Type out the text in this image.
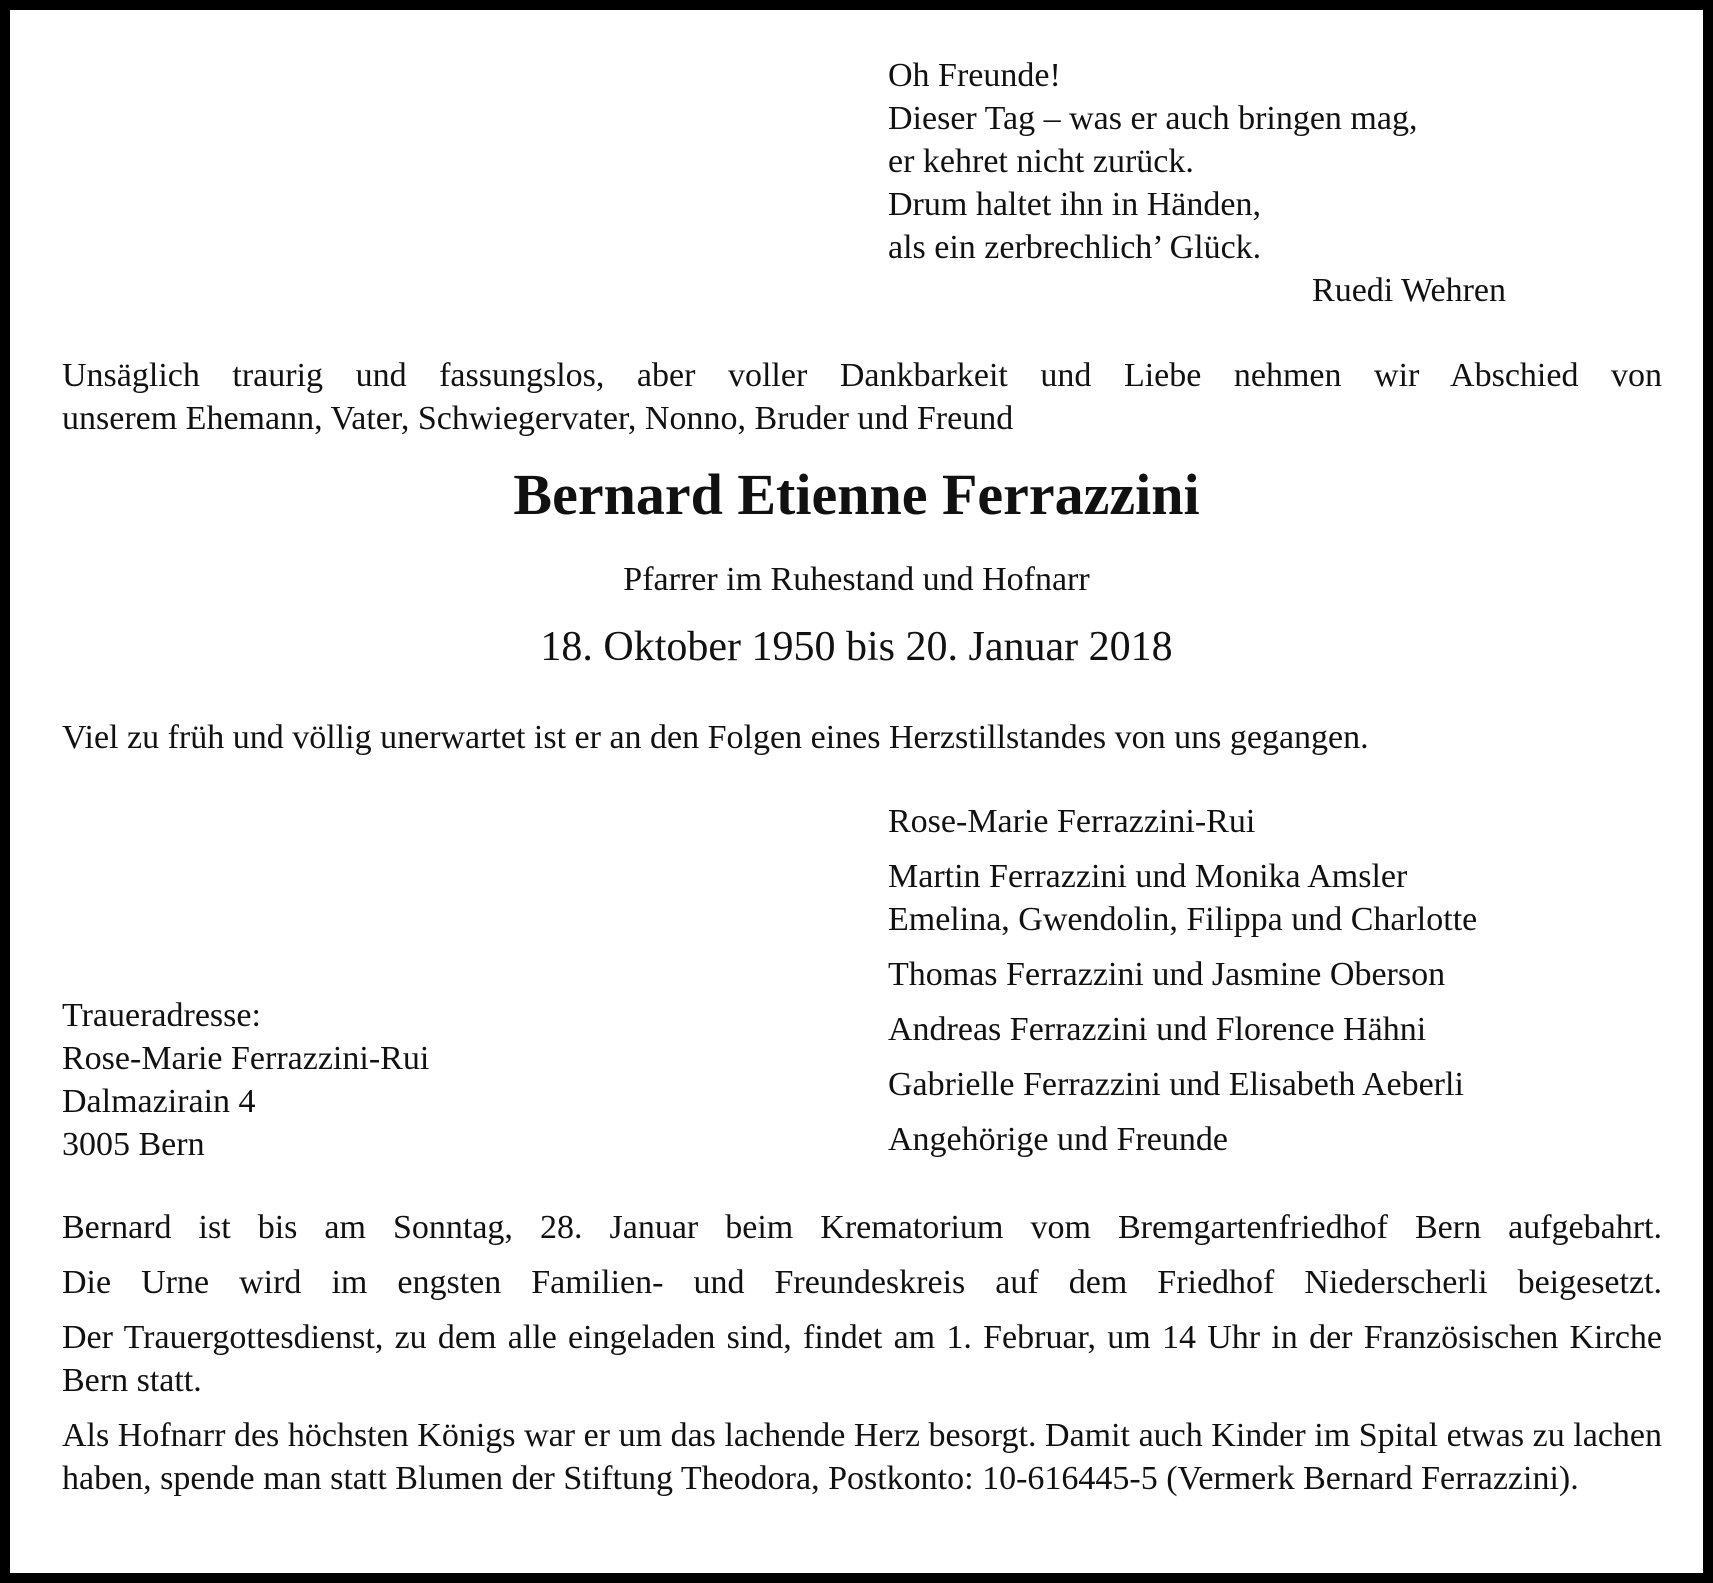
Oh Freunde!
Dieser Tag – was er auch bringen mag,
er kehret nicht zurück.
Drum haltet ihn in Händen,
als ein zerbrechlich’ Glück.
Ruedi Wehren
Unsäglich traurig und fassungslos, aber voller Dankbarkeit und Liebe nehmen wir Abschied von
unserem Ehemann, Vater, Schwiegervater, Nonno, Bruder und Freund
Bernard Etienne Ferrazzini
Pfarrer im Ruhestand und Hofnarr
18. Oktober 1950 bis 20. Januar 2018
Viel zu früh und völlig unerwartet ist er an den Folgen eines Herzstillstandes von uns gegangen.
Rose-Marie Ferrazzini-Rui
Martin Ferrazzini und Monika Amsler
Emelina, Gwendolin, Filippa und Charlotte
Thomas Ferrazzini und Jasmine Oberson
Andreas Ferrazzini und Florence Hähni
Gabrielle Ferrazzini und Elisabeth Aeberli
Angehörige und Freunde
Traueradresse:
Rose-Marie Ferrazzini-Rui
Dalmazirain 4
3005 Bern

Bernard ist bis am Sonntag, 28. Januar beim Krematorium vom Bremgartenfriedhof Bern aufgebahrt.

Die Urne wird im engsten Familien- und Freundeskreis auf dem Friedhof Niederscherli beigesetzt.

Der Trauergottesdienst, zu dem alle eingeladen sind, findet am 1. Februar, um 14 Uhr in der Französischen Kirche Bern statt.

Als Hofnarr des höchsten Königs war er um das lachende Herz besorgt. Damit auch Kinder im Spital etwas zu lachen haben, spende man statt Blumen der Stiftung Theodora, Postkonto: 10-616445-5 (Vermerk Bernard Ferrazzini).
